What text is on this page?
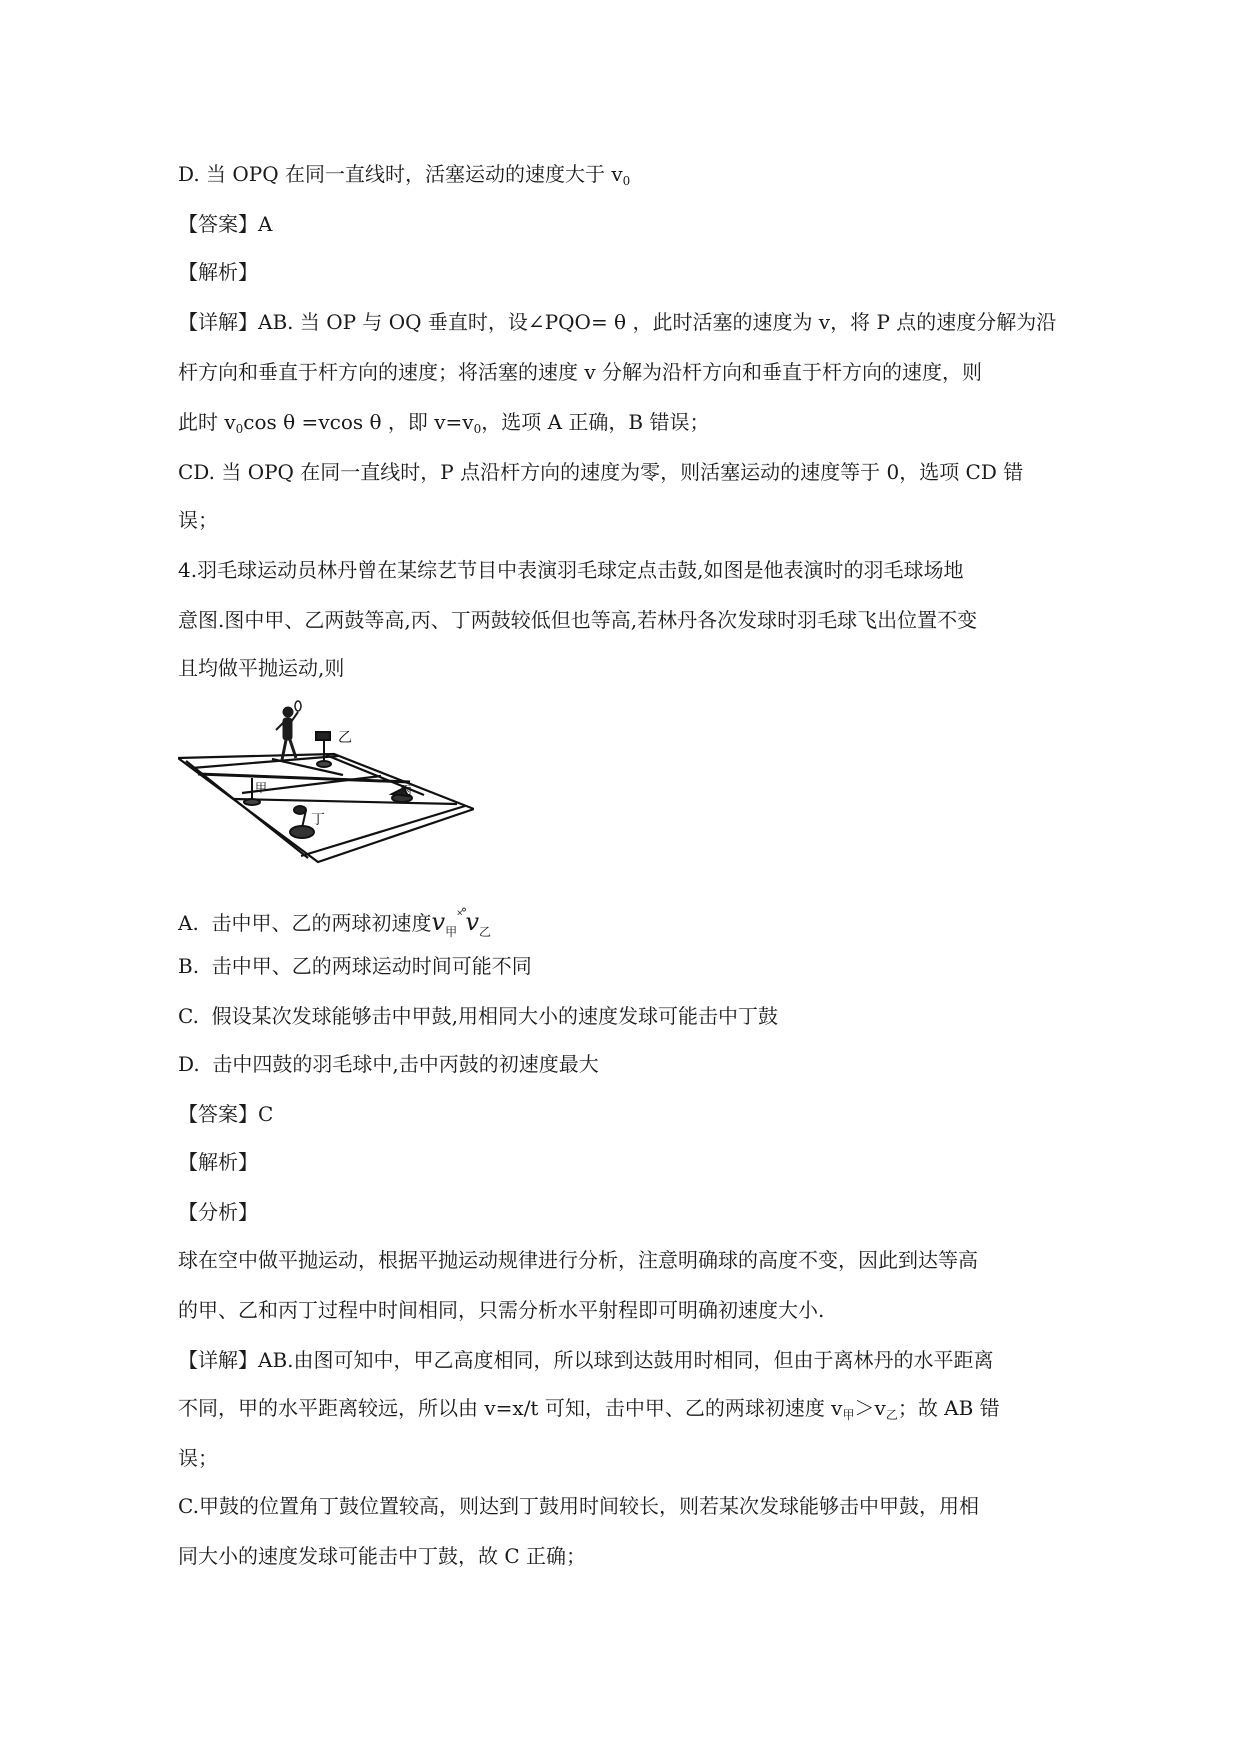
D. 当 OPQ 在同一直线时，活塞运动的速度大于 $v_0$
【答案】A
【解析】
【详解】AB. 当 OP 与 OQ 垂直时，设∠PQO= θ ，此时活塞的速度为 v，将 P 点的速度分解为沿
杆方向和垂直于杆方向的速度；将活塞的速度 v 分解为沿杆方向和垂直于杆方向的速度，则
此时 $v_0\cos$ θ =vcos θ ，即 $v=v_0$，选项 A 正确，B 错误；
CD. 当 OPQ 在同一直线时，P 点沿杆方向的速度为零，则活塞运动的速度等于 0，选项 CD 错
误；
4.羽毛球运动员林丹曾在某综艺节目中表演羽毛球定点击鼓,如图是他表演时的羽毛球场地
意图.图中甲、乙两鼓等高,丙、丁两鼓较低但也等高,若林丹各次发球时羽毛球飞出位置不变
且均做平抛运动,则
乙
甲	丙
丁
A.  击中甲、乙的两球初速度$v_甲^{˟˚}v_乙$
B.  击中甲、乙的两球运动时间可能不同
C.  假设某次发球能够击中甲鼓,用相同大小的速度发球可能击中丁鼓
D.  击中四鼓的羽毛球中,击中丙鼓的初速度最大
【答案】C
【解析】
【分析】
球在空中做平抛运动，根据平抛运动规律进行分析，注意明确球的高度不变，因此到达等高
的甲、乙和丙丁过程中时间相同，只需分析水平射程即可明确初速度大小.
【详解】AB.由图可知中，甲乙高度相同，所以球到达鼓用时相同，但由于离林丹的水平距离
不同，甲的水平距离较远，所以由 v=x/t 可知，击中甲、乙的两球初速度 $v_甲>v_乙$；故 AB 错
误；
C.甲鼓的位置角丁鼓位置较高，则达到丁鼓用时间较长，则若某次发球能够击中甲鼓，用相
同大小的速度发球可能击中丁鼓，故 C 正确；
